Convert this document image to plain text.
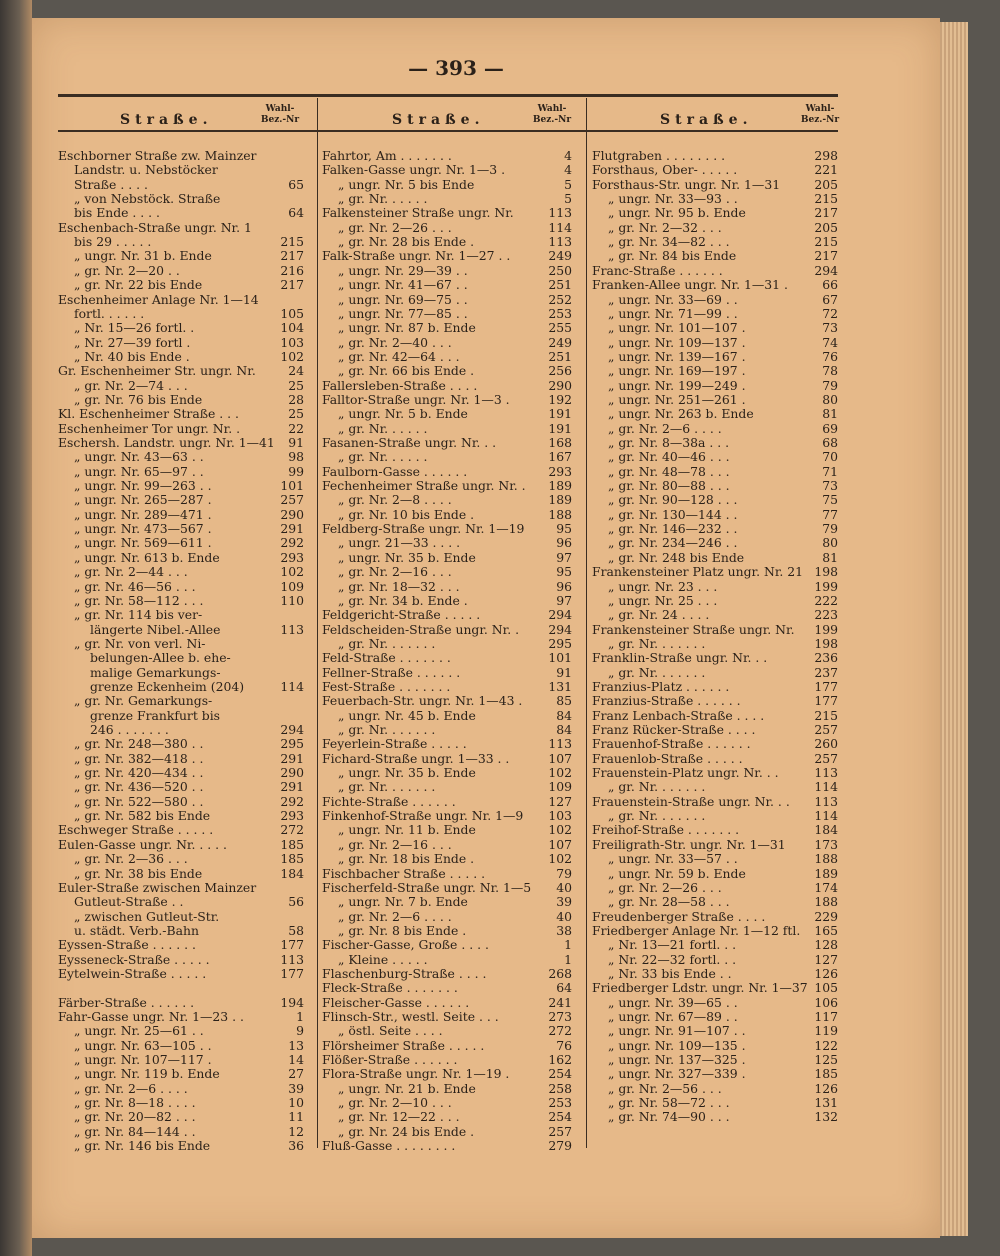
— 393 —
Straße.
Wahl-
Bez.-Nr	Straße.
Wahl-
Bez.-Nr	Straße.
Wahl-
Bez.-Nr
Eschborner Straße zw. Mainzer
Landstr. u. Nebstöcker
Straße . . . .	65
„ von Nebstöck. Straße
bis Ende . . . .	64
Eschenbach-Straße ungr. Nr. 1
bis 29 . . . . .	215
„ ungr. Nr. 31 b. Ende	217
„ gr. Nr. 2—20 . .	216
„ gr. Nr. 22 bis Ende	217
Eschenheimer Anlage Nr. 1—14
fortl. . . . . .	105
„ Nr. 15—26 fortl. .	104
„ Nr. 27—39 fortl .	103
„ Nr. 40 bis Ende .	102
Gr. Eschenheimer Str. ungr. Nr.	24
„ gr. Nr. 2—74 . . .	25
„ gr. Nr. 76 bis Ende	28
Kl. Eschenheimer Straße . . .	25
Eschenheimer Tor ungr. Nr. .	22
Eschersh. Landstr. ungr. Nr. 1—41	91
„ ungr. Nr. 43—63 . .	98
„ ungr. Nr. 65—97 . .	99
„ ungr. Nr. 99—263 . .	101
„ ungr. Nr. 265—287 .	257
„ ungr. Nr. 289—471 .	290
„ ungr. Nr. 473—567 .	291
„ ungr. Nr. 569—611 .	292
„ ungr. Nr. 613 b. Ende	293
„ gr. Nr. 2—44 . . .	102
„ gr. Nr. 46—56 . . .	109
„ gr. Nr. 58—112 . . .	110
„ gr. Nr. 114 bis ver-
längerte Nibel.-Allee	113
„ gr. Nr. von verl. Ni-
belungen-Allee b. ehe-
malige Gemarkungs-
grenze Eckenheim (204)	114
„ gr. Nr. Gemarkungs-
grenze Frankfurt bis
246 . . . . . . .	294
„ gr. Nr. 248—380 . .	295
„ gr. Nr. 382—418 . .	291
„ gr. Nr. 420—434 . .	290
„ gr. Nr. 436—520 . .	291
„ gr. Nr. 522—580 . .	292
„ gr. Nr. 582 bis Ende	293
Eschweger Straße . . . . .	272
Eulen-Gasse ungr. Nr. . . . .	185
„ gr. Nr. 2—36 . . .	185
„ gr. Nr. 38 bis Ende	184
Euler-Straße zwischen Mainzer
Gutleut-Straße . .	56
„ zwischen Gutleut-Str.
u. städt. Verb.-Bahn	58
Eyssen-Straße . . . . . .	177
Eysseneck-Straße . . . . .	113
Eytelwein-Straße . . . . .	177
Färber-Straße . . . . . .	194
Fahr-Gasse ungr. Nr. 1—23 . .	1
„ ungr. Nr. 25—61 . .	9
„ ungr. Nr. 63—105 . .	13
„ ungr. Nr. 107—117 .	14
„ ungr. Nr. 119 b. Ende	27
„ gr. Nr. 2—6 . . . .	39
„ gr. Nr. 8—18 . . . .	10
„ gr. Nr. 20—82 . . .	11
„ gr. Nr. 84—144 . .	12
„ gr. Nr. 146 bis Ende	36
Fahrtor, Am . . . . . . .	4
Falken-Gasse ungr. Nr. 1—3 .	4
„ ungr. Nr. 5 bis Ende	5
„ gr. Nr. . . . . .	5
Falkensteiner Straße ungr. Nr.	113
„ gr. Nr. 2—26 . . .	114
„ gr. Nr. 28 bis Ende .	113
Falk-Straße ungr. Nr. 1—27 . .	249
„ ungr. Nr. 29—39 . .	250
„ ungr. Nr. 41—67 . .	251
„ ungr. Nr. 69—75 . .	252
„ ungr. Nr. 77—85 . .	253
„ ungr. Nr. 87 b. Ende	255
„ gr. Nr. 2—40 . . .	249
„ gr. Nr. 42—64 . . .	251
„ gr. Nr. 66 bis Ende .	256
Fallersleben-Straße . . . .	290
Falltor-Straße ungr. Nr. 1—3 .	192
„ ungr. Nr. 5 b. Ende	191
„ gr. Nr. . . . . .	191
Fasanen-Straße ungr. Nr. . .	168
„ gr. Nr. . . . . .	167
Faulborn-Gasse . . . . . .	293
Fechenheimer Straße ungr. Nr. . 189
„ gr. Nr. 2—8 . . . .	189
„ gr. Nr. 10 bis Ende .	188
Feldberg-Straße ungr. Nr. 1—19	95
„ ungr. 21—33 . . . .	96
„ ungr. Nr. 35 b. Ende	97
„ gr. Nr. 2—16 . . .	95
„ gr. Nr. 18—32 . . .	96
„ gr. Nr. 34 b. Ende .	97
Feldgericht-Straße . . . . .	294
Feldscheiden-Straße ungr. Nr. . 294
„ gr. Nr. . . . . . .	295
Feld-Straße . . . . . . .	101
Fellner-Straße . . . . . .	91
Fest-Straße . . . . . . .	131
Feuerbach-Str. ungr. Nr. 1—43 .	85
„ ungr. Nr. 45 b. Ende	84
„ gr. Nr. . . . . . .	84
Feyerlein-Straße . . . . .	113
Fichard-Straße ungr. 1—33 . .	107
„ ungr. Nr. 35 b. Ende	102
„ gr. Nr. . . . . . .	109
Fichte-Straße . . . . . .	127
Finkenhof-Straße ungr. Nr. 1—9 103
„ ungr. Nr. 11 b. Ende	102
„ gr. Nr. 2—16 . . .	107
„ gr. Nr. 18 bis Ende .	102
Fischbacher Straße . . . . .	79
Fischerfeld-Straße ungr. Nr. 1—5	40
„ ungr. Nr. 7 b. Ende	39
„ gr. Nr. 2—6 . . . .	40
„ gr. Nr. 8 bis Ende .	38
Fischer-Gasse, Große . . . .	1
„ Kleine . . . . .	1
Flaschenburg-Straße . . . .	268
Fleck-Straße . . . . . . .	64
Fleischer-Gasse . . . . . .	241
Flinsch-Str., westl. Seite . . .	273
„ östl. Seite . . . .	272
Flörsheimer Straße . . . . .	76
Flößer-Straße . . . . . .	162
Flora-Straße ungr. Nr. 1—19 .	254
„ ungr. Nr. 21 b. Ende	258
„ gr. Nr. 2—10 . . .	253
„ gr. Nr. 12—22 . . .	254
„ gr. Nr. 24 bis Ende .	257
Fluß-Gasse . . . . . . . .	279
Flutgraben . . . . . . . .	298
Forsthaus, Ober- . . . . .	221
Forsthaus-Str. ungr. Nr. 1—31	205
„ ungr. Nr. 33—93 . .	215
„ ungr. Nr. 95 b. Ende	217
„ gr. Nr. 2—32 . . .	205
„ gr. Nr. 34—82 . . .	215
„ gr. Nr. 84 bis Ende	217
Franc-Straße . . . . . .	294
Franken-Allee ungr. Nr. 1—31 .	66
„ ungr. Nr. 33—69 . .	67
„ ungr. Nr. 71—99 . .	72
„ ungr. Nr. 101—107 .	73
„ ungr. Nr. 109—137 .	74
„ ungr. Nr. 139—167 .	76
„ ungr. Nr. 169—197 .	78
„ ungr. Nr. 199—249 .	79
„ ungr. Nr. 251—261 .	80
„ ungr. Nr. 263 b. Ende	81
„ gr. Nr. 2—6 . . . .	69
„ gr. Nr. 8—38a . . .	68
„ gr. Nr. 40—46 . . .	70
„ gr. Nr. 48—78 . . .	71
„ gr. Nr. 80—88 . . .	73
„ gr. Nr. 90—128 . . .	75
„ gr. Nr. 130—144 . .	77
„ gr. Nr. 146—232 . .	79
„ gr. Nr. 234—246 . .	80
„ gr. Nr. 248 bis Ende	81
Frankensteiner Platz ungr. Nr. 21 198
„ ungr. Nr. 23 . . .	199
„ ungr. Nr. 25 . . .	222
„ gr. Nr. 24 . . . .	223
Frankensteiner Straße ungr. Nr. 199
„ gr. Nr. . . . . . .	198
Franklin-Straße ungr. Nr. . .	236
„ gr. Nr. . . . . . .	237
Franzius-Platz . . . . . .	177
Franzius-Straße . . . . . .	177
Franz Lenbach-Straße . . . .	215
Franz Rücker-Straße . . . .	257
Frauenhof-Straße . . . . . .	260
Frauenlob-Straße . . . . .	257
Frauenstein-Platz ungr. Nr. . .	113
„ gr. Nr. . . . . . .	114
Frauenstein-Straße ungr. Nr. . . 113
„ gr. Nr. . . . . . .	114
Freihof-Straße . . . . . . .	184
Freiligrath-Str. ungr. Nr. 1—31 173
„ ungr. Nr. 33—57 . .	188
„ ungr. Nr. 59 b. Ende	189
„ gr. Nr. 2—26 . . .	174
„ gr. Nr. 28—58 . . .	188
Freudenberger Straße . . . .	229
Friedberger Anlage Nr. 1—12 ftl. 165
„ Nr. 13—21 fortl. . .	128
„ Nr. 22—32 fortl. . .	127
„ Nr. 33 bis Ende . .	126
Friedberger Ldstr. ungr. Nr. 1—37 105
„ ungr. Nr. 39—65 . .	106
„ ungr. Nr. 67—89 . .	117
„ ungr. Nr. 91—107 . .	119
„ ungr. Nr. 109—135 .	122
„ ungr. Nr. 137—325 .	125
„ ungr. Nr. 327—339 .	185
„ gr. Nr. 2—56 . . .	126
„ gr. Nr. 58—72 . . .	131
„ gr. Nr. 74—90 . . .	132
